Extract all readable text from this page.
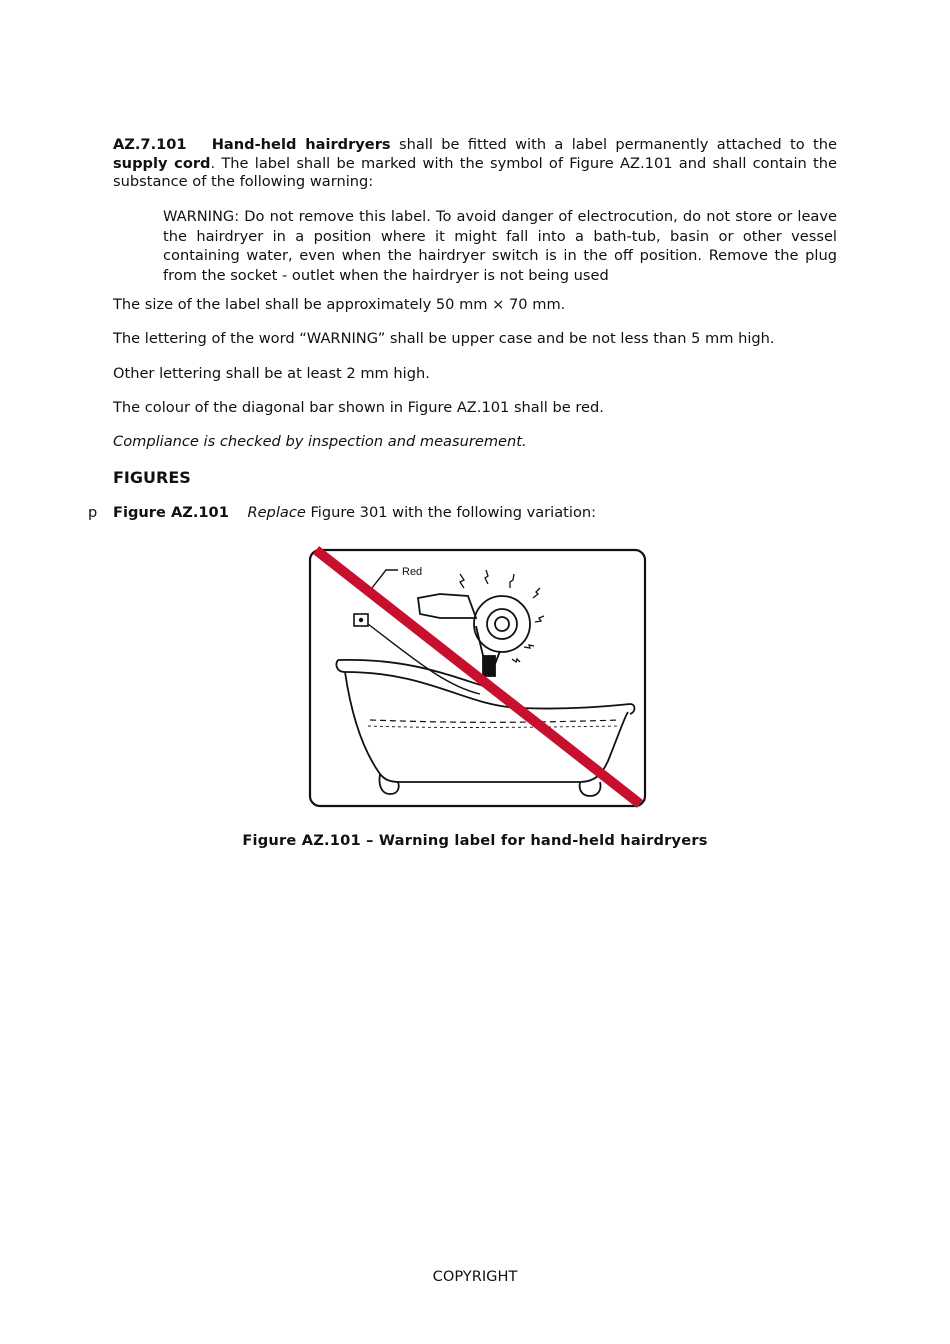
AZ.7.101 Hand-held hairdryers shall be fitted with a label permanently attached to the supply cord. The label shall be marked with the symbol of Figure AZ.101 and shall contain the substance of the following warning:
WARNING: Do not remove this label. To avoid danger of electrocution, do not store or leave the hairdryer in a position where it might fall into a bath-tub, basin or other vessel containing water, even when the hairdryer switch is in the off position. Remove the plug from the socket - outlet when the hairdryer is not being used
The size of the label shall be approximately 50 mm × 70 mm.
The lettering of the word “WARNING” shall be upper case and be not less than 5 mm high.
Other lettering shall be at least 2 mm high.
The colour of the diagonal bar shown in Figure AZ.101 shall be red.
Compliance is checked by inspection and measurement.
FIGURES
p Figure AZ.101 Replace Figure 301 with the following variation:
Red
Figure AZ.101 – Warning label for hand-held hairdryers
COPYRIGHT
